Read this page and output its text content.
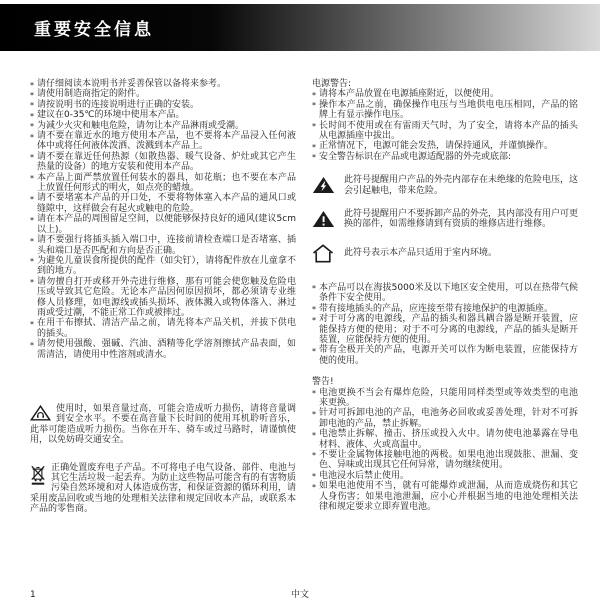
重要安全信息
* 请仔细阅读本说明书并妥善保管以备将来参考。
* 请使用制造商指定的附件。
* 请按说明书的连接说明进行正确的安装。
* 建议在0-35℃的环境中使用本产品。
* 为减少火灾和触电危险，请勿让本产品淋雨或受潮。
* 请不要在靠近水的地方使用本产品，也不要将本产品浸入任何液体中或将任何液体泼洒、泼溅到本产品上。
* 请不要在靠近任何热源（如散热器、暖气设备、炉灶或其它产生热量的设备）的地方安装和使用本产品。
* 本产品上面严禁放置任何装水的器具，如花瓶；也不要在本产品上放置任何形式的明火，如点亮的蜡烛。
* 请不要堵塞本产品的开口处，不要将物体塞入本产品的通风口或缝隙中，这样做会有起火或触电的危险。
* 请在本产品的周围留足空间，以便能够保持良好的通风(建议5cm以上)。
* 请不要强行将插头插入端口中，连接前请检查端口是否堵塞、插头和端口是否匹配和方向是否正确。
* 为避免儿童误食所提供的配件（如尖钉），请将配件放在儿童拿不到的地方。
* 请勿擅自打开或移开外壳进行维修，那有可能会使您触及危险电压或导致其它危险。无论本产品因何原因损坏，都必须请专业维修人员修理，如电源线或插头损坏、液体溅入或物体落入、淋过雨或受过潮，不能正常工作或被摔过。
* 在用干布擦拭、清洁产品之前，请先将本产品关机，并拔下供电的插头。
* 请勿使用强酸、强碱、汽油、酒精等化学溶剂擦拭产品表面，如需清洁，请使用中性溶剂或清水。
使用时，如果音量过高，可能会造成听力损伤，请将音量调到安全水平。不要在高音量下长时间的使用耳机聆听音乐，此举可能造成听力损伤。当你在开车、骑车或过马路时，请谨慎使用，以免妨碍交通安全。
正确处置废弃电子产品。不可将电子电气设备、部件、电池与其它生活垃圾一起丢弃。为防止这些物品可能含有的有害物质污染自然环境和对人体造成伤害，和保证资源的循环利用，请采用废品回收或当地的处理相关法律和规定回收本产品，或联系本产品的零售商。

电源警告:

* 请将本产品放置在电源插座附近，以便使用。
* 操作本产品之前，确保操作电压与当地供电电压相同，产品的铭牌上有显示操作电压。
* 长时间不使用或在有雷雨天气时，为了安全，请将本产品的插头从电源插座中拔出。
* 正常情况下，电源可能会发热，请保持通风，并谨慎操作。
* 安全警告标识在产品或电源适配器的外壳或底部:
此符号提醒用户产品的外壳内部存在未绝缘的危险电压，这会引起触电，带来危险。
此符号提醒用户不要拆卸产品的外壳，其内部没有用户可更换的部件，如需维修请到有资质的维修店进行维修。
此符号表示本产品只适用于室内环境。
* 本产品可以在海拔5000米及以下地区安全使用，可以在热带气候条件下安全使用。
* 带有接地插头的产品，应连接至带有接地保护的电源插座。
* 对于可分离的电源线，产品的插头和器具耦合器是断开装置，应能保持方便的使用；对于不可分离的电源线，产品的插头是断开装置，应能保持方便的使用。
* 带有全极开关的产品，电源开关可以作为断电装置，应能保持方便的使用。

警告!

* 电池更换不当会有爆炸危险，只能用同样类型或等效类型的电池来更换。
* 针对可拆卸电池的产品，电池务必回收或妥善处理，针对不可拆卸电池的产品，禁止拆解。
* 电池禁止拆解、撞击、挤压或投入火中。请勿使电池暴露在导电材料、液体、火或高温中。
* 不要让金属物体接触电池的两极。如果电池出现鼓胀、泄漏、变色、异味或出现其它任何异常，请勿继续使用。
* 电池浸水后禁止使用。
* 如果电池使用不当，就有可能爆炸或泄漏，从而造成烧伤和其它人身伤害；如果电池泄漏，应小心并根据当地的电池处理相关法律和规定要求立即弃置电池。
1	中文
